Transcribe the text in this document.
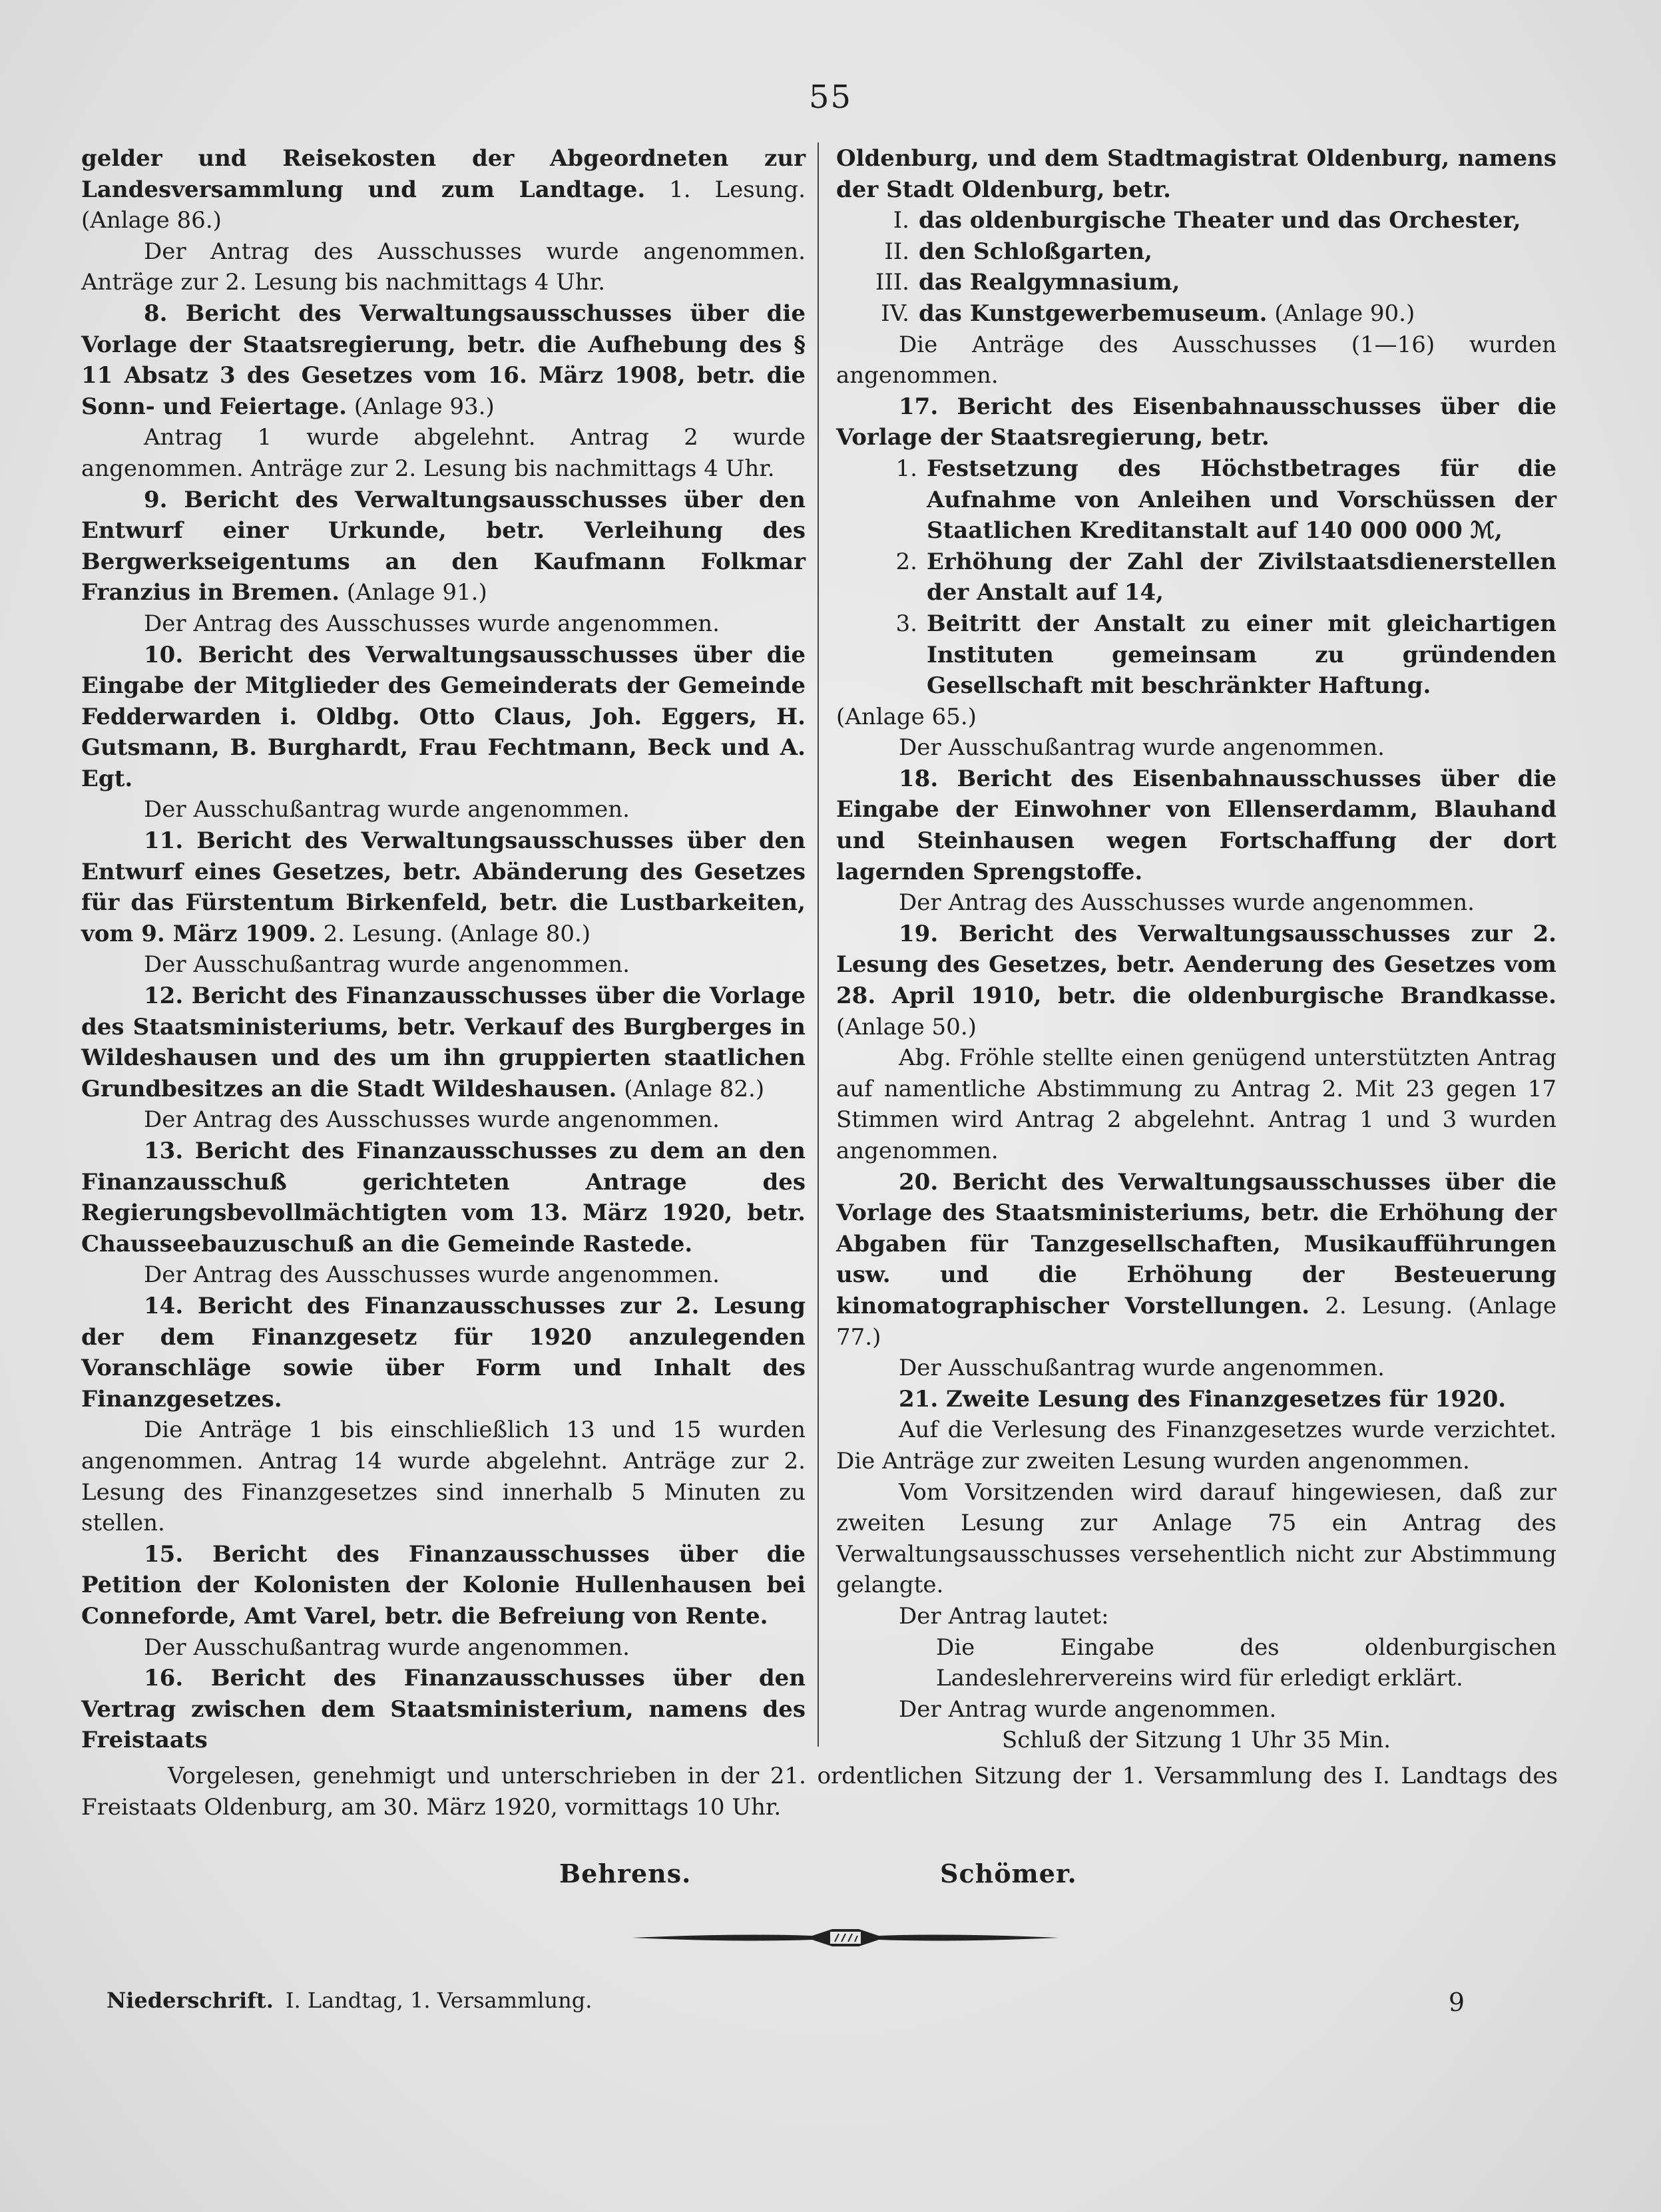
55

gelder und Reisekosten der Abgeordneten zur Landesversammlung und zum Landtage. 1. Lesung. (Anlage 86.)

Der Antrag des Ausschusses wurde angenommen. Anträge zur 2. Lesung bis nachmittags 4 Uhr.

8. Bericht des Verwaltungsausschusses über die Vorlage der Staatsregierung, betr. die Aufhebung des § 11 Absatz 3 des Gesetzes vom 16. März 1908, betr. die Sonn- und Feiertage. (Anlage 93.)

Antrag 1 wurde abgelehnt. Antrag 2 wurde angenommen. Anträge zur 2. Lesung bis nachmittags 4 Uhr.

9. Bericht des Verwaltungsausschusses über den Entwurf einer Urkunde, betr. Verleihung des Bergwerkseigentums an den Kaufmann Folkmar Franzius in Bremen. (Anlage 91.)

Der Antrag des Ausschusses wurde angenommen.

10. Bericht des Verwaltungsausschusses über die Eingabe der Mitglieder des Gemeinderats der Gemeinde Fedderwarden i. Oldbg. Otto Claus, Joh. Eggers, H. Gutsmann, B. Burghardt, Frau Fechtmann, Beck und A. Egt.

Der Ausschußantrag wurde angenommen.

11. Bericht des Verwaltungsausschusses über den Entwurf eines Gesetzes, betr. Abänderung des Gesetzes für das Fürstentum Birkenfeld, betr. die Lustbarkeiten, vom 9. März 1909. 2. Lesung. (Anlage 80.)

Der Ausschußantrag wurde angenommen.

12. Bericht des Finanzausschusses über die Vorlage des Staatsministeriums, betr. Verkauf des Burgberges in Wildeshausen und des um ihn gruppierten staatlichen Grundbesitzes an die Stadt Wildeshausen. (Anlage 82.)

Der Antrag des Ausschusses wurde angenommen.

13. Bericht des Finanzausschusses zu dem an den Finanzausschuß gerichteten Antrage des Regierungsbevollmächtigten vom 13. März 1920, betr. Chausseebauzuschuß an die Gemeinde Rastede.

Der Antrag des Ausschusses wurde angenommen.

14. Bericht des Finanzausschusses zur 2. Lesung der dem Finanzgesetz für 1920 anzulegenden Voranschläge sowie über Form und Inhalt des Finanzgesetzes.

Die Anträge 1 bis einschließlich 13 und 15 wurden angenommen. Antrag 14 wurde abgelehnt. Anträge zur 2. Lesung des Finanzgesetzes sind innerhalb 5 Minuten zu stellen.

15. Bericht des Finanzausschusses über die Petition der Kolonisten der Kolonie Hullenhausen bei Conneforde, Amt Varel, betr. die Befreiung von Rente.

Der Ausschußantrag wurde angenommen.

16. Bericht des Finanzausschusses über den Vertrag zwischen dem Staatsministerium, namens des Freistaats

Oldenburg, und dem Stadtmagistrat Oldenburg, namens der Stadt Oldenburg, betr.

I. das oldenburgische Theater und das Orchester,
II. den Schloßgarten,
III. das Realgymnasium,
IV. das Kunstgewerbemuseum. (Anlage 90.)

Die Anträge des Ausschusses (1—16) wurden angenommen.

17. Bericht des Eisenbahnausschusses über die Vorlage der Staatsregierung, betr.

1. Festsetzung des Höchstbetrages für die Aufnahme von Anleihen und Vorschüssen der Staatlichen Kreditanstalt auf 140 000 000 ℳ,
2. Erhöhung der Zahl der Zivilstaatsdienerstellen der Anstalt auf 14,
3. Beitritt der Anstalt zu einer mit gleichartigen Instituten gemeinsam zu gründenden Gesellschaft mit beschränkter Haftung.

(Anlage 65.)

Der Ausschußantrag wurde angenommen.

18. Bericht des Eisenbahnausschusses über die Eingabe der Einwohner von Ellenserdamm, Blauhand und Steinhausen wegen Fortschaffung der dort lagernden Sprengstoffe.

Der Antrag des Ausschusses wurde angenommen.

19. Bericht des Verwaltungsausschusses zur 2. Lesung des Gesetzes, betr. Aenderung des Gesetzes vom 28. April 1910, betr. die oldenburgische Brandkasse. (Anlage 50.)

Abg. Fröhle stellte einen genügend unterstützten Antrag auf namentliche Abstimmung zu Antrag 2. Mit 23 gegen 17 Stimmen wird Antrag 2 abgelehnt. Antrag 1 und 3 wurden angenommen.

20. Bericht des Verwaltungsausschusses über die Vorlage des Staatsministeriums, betr. die Erhöhung der Abgaben für Tanzgesellschaften, Musikaufführungen usw. und die Erhöhung der Besteuerung kinomatographischer Vorstellungen. 2. Lesung. (Anlage 77.)

Der Ausschußantrag wurde angenommen.

21. Zweite Lesung des Finanzgesetzes für 1920.

Auf die Verlesung des Finanzgesetzes wurde verzichtet. Die Anträge zur zweiten Lesung wurden angenommen.

Vom Vorsitzenden wird darauf hingewiesen, daß zur zweiten Lesung zur Anlage 75 ein Antrag des Verwaltungsausschusses versehentlich nicht zur Abstimmung gelangte.

Der Antrag lautet:

Die Eingabe des oldenburgischen Landeslehrervereins wird für erledigt erklärt.

Der Antrag wurde angenommen.

Schluß der Sitzung 1 Uhr 35 Min.

Vorgelesen, genehmigt und unterschrieben in der 21. ordentlichen Sitzung der 1. Versammlung des I. Landtags des Freistaats Oldenburg, am 30. März 1920, vormittags 10 Uhr.

Behrens.	Schömer.
Niederschrift. I. Landtag, 1. Versammlung.	9
